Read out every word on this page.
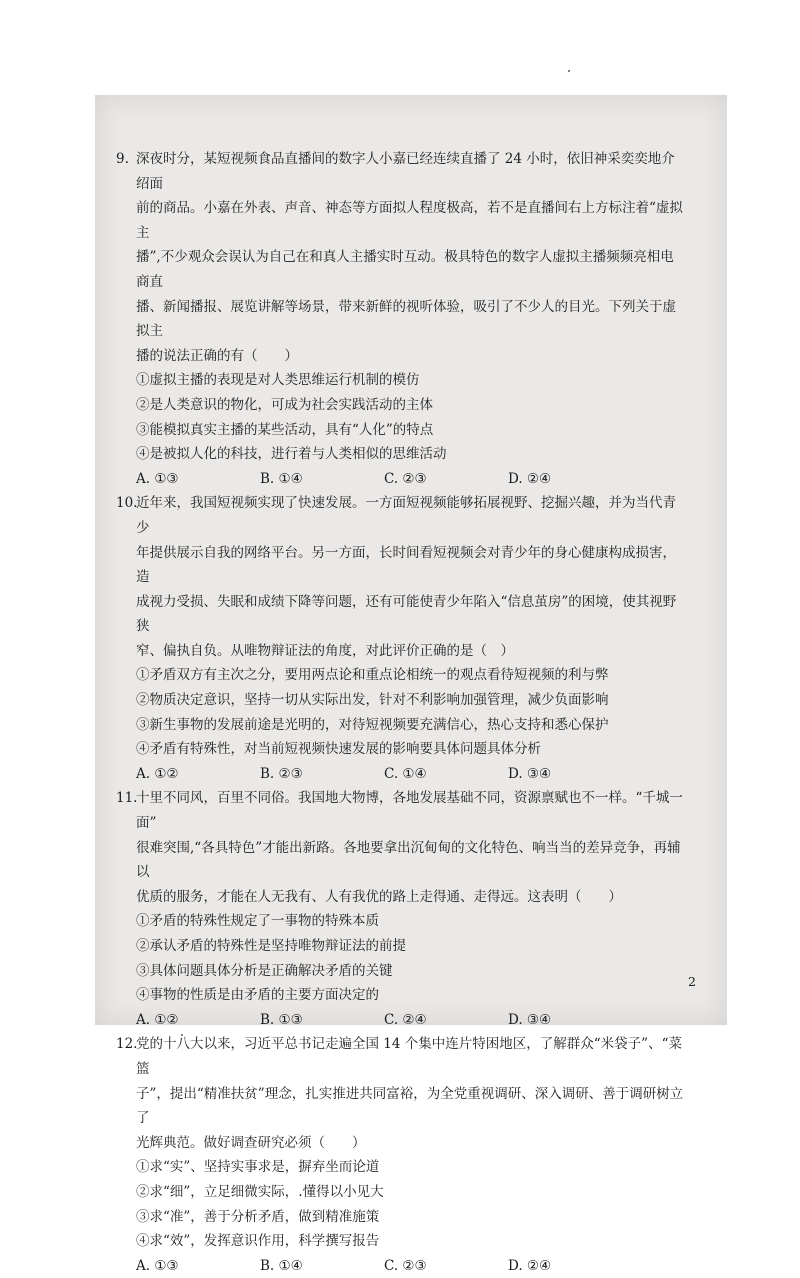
9. 深夜时分，某短视频食品直播间的数字人小嘉已经连续直播了 24 小时，依旧神采奕奕地介绍面
前的商品。小嘉在外表、声音、神态等方面拟人程度极高，若不是直播间右上方标注着“虚拟主
播”,不少观众会误认为自己在和真人主播实时互动。极具特色的数字人虚拟主播频频亮相电商直
播、新闻播报、展览讲解等场景，带来新鲜的视听体验，吸引了不少人的目光。下列关于虚拟主
播的说法正确的有（　　）
①虚拟主播的表现是对人类思维运行机制的模仿
②是人类意识的物化，可成为社会实践活动的主体
③能模拟真实主播的某些活动，具有“人化”的特点
④是被拟人化的科技，进行着与人类相似的思维活动
A. ①③	B. ①④	C. ②③	D. ②④
10.
近年来，我国短视频实现了快速发展。一方面短视频能够拓展视野、挖掘兴趣，并为当代青少
年提供展示自我的网络平台。另一方面，长时间看短视频会对青少年的身心健康构成损害，造
成视力受损、失眠和成绩下降等问题，还有可能使青少年陷入“信息茧房”的困境，使其视野狭
窄、偏执自负。从唯物辩证法的角度，对此评价正确的是（　）
①矛盾双方有主次之分，要用两点论和重点论相统一的观点看待短视频的利与弊
②物质决定意识，坚持一切从实际出发，针对不利影响加强管理，减少负面影响
③新生事物的发展前途是光明的，对待短视频要充满信心，热心支持和悉心保护
④矛盾有特殊性，对当前短视频快速发展的影响要具体问题具体分析
A. ①②	B. ②③	C. ①④	D. ③④
11.
十里不同风，百里不同俗。我国地大物博，各地发展基础不同，资源禀赋也不一样。“千城一面”
很难突围,“各具特色”才能出新路。各地要拿出沉甸甸的文化特色、响当当的差异竞争，再辅以
优质的服务，才能在人无我有、人有我优的路上走得通、走得远。这表明（　　）
①矛盾的特殊性规定了一事物的特殊本质
②承认矛盾的特殊性是坚持唯物辩证法的前提
③具体问题具体分析是正确解决矛盾的关键
④事物的性质是由矛盾的主要方面决定的
A. ①②	B. ①③	C. ②④	D. ③④
12.
党的十八大以来，习近平总书记走遍全国 14 个集中连片特困地区，了解群众“米袋子”、“菜篮
子”，提出“精准扶贫”理念，扎实推进共同富裕，为全党重视调研、深入调研、善于调研树立了
光辉典范。做好调查研究必须（　　）
①求“实”、坚持实事求是，摒弃坐而论道
②求“细”，立足细微实际，.懂得以小见大
③求“准”，善于分析矛盾，做到精准施策
④求“效”，发挥意识作用，科学撰写报告
A. ①③	B. ①④	C. ②③	D. ②④
2
